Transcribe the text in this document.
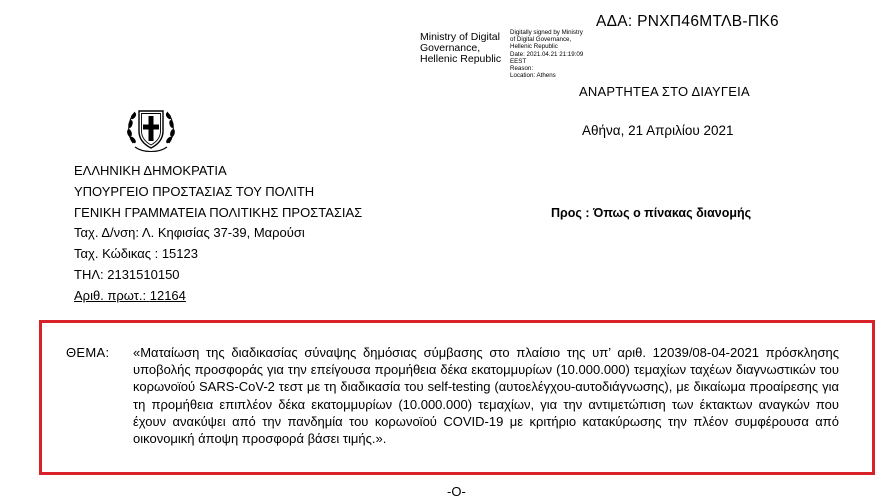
ΑΔΑ: ΡΝΧΠ46ΜΤΛΒ-ΠΚ6
Ministry of Digital
Governance,
Hellenic Republic
Digitally signed by Ministry
of Digital Governance,
Hellenic Republic
Date: 2021.04.21 21:19:09
EEST
Reason:
Location: Athens
ΑΝΑΡΤΗΤΕΑ ΣΤΟ ΔΙΑΥΓΕΙΑ
Αθήνα, 21 Απριλίου 2021
ΕΛΛΗΝΙΚΗ ΔΗΜΟΚΡΑΤΙΑ
ΥΠΟΥΡΓΕΙΟ ΠΡΟΣΤΑΣΙΑΣ ΤΟΥ ΠΟΛΙΤΗ
ΓΕΝΙΚΗ ΓΡΑΜΜΑΤΕΙΑ ΠΟΛΙΤΙΚΗΣ ΠΡΟΣΤΑΣΙΑΣ
Ταχ. Δ/νση: Λ. Κηφισίας 37-39, Μαρούσι
Ταχ. Κώδικας : 15123
ΤΗΛ: 2131510150
Αριθ. πρωτ.: 12164
Προς : Όπως ο πίνακας διανομής
ΘΕΜΑ: «Ματαίωση της διαδικασίας σύναψης δημόσιας σύμβασης στο πλαίσιο της υπ’ αριθ. 12039/08-04-2021 πρόσκλησης υποβολής προσφοράς για την επείγουσα προμήθεια δέκα εκατομμυρίων (10.000.000) τεμαχίων ταχέων διαγνωστικών του κορωνοϊού SARS-CoV-2 τεστ με τη διαδικασία του self-testing (αυτοελέγχου-αυτοδιάγνωσης), με δικαίωμα προαίρεσης για τη προμήθεια επιπλέον δέκα εκατομμυρίων (10.000.000) τεμαχίων, για την αντιμετώπιση των έκτακτων αναγκών που έχουν ανακύψει από την πανδημία του κορωνοϊού COVID-19 με κριτήριο κατακύρωσης την πλέον συμφέρουσα από οικονομική άποψη προσφορά βάσει τιμής.».
-Ο-
